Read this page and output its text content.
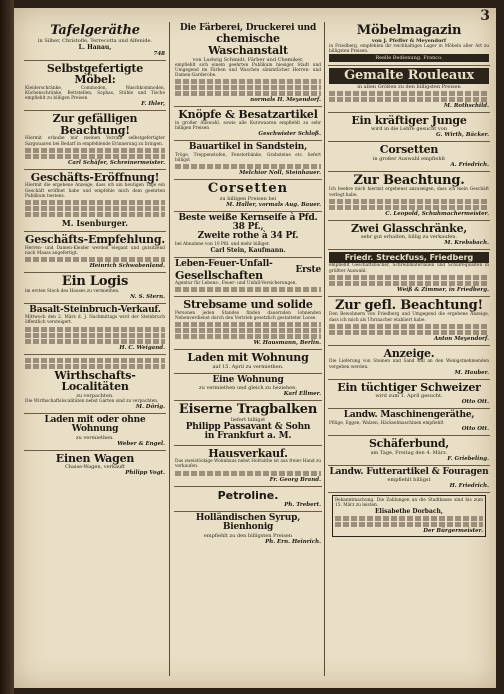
3
Tafelgeräthe
in Silber, Christofle, Terrecotta und Alfenide.
L. Hanau,
748
Selbstgefertigte Möbel:
Kleiderschränke, Commoden, Waschkommoden, Küchenschränke, Bettstellen, Sophas, Stühle und Tische empfiehlt zu billigen Preisen
F. Ihler,
Zur gefälligen Beachtung!
Hiermit erlaube mir meinen Vorrath selbstgefertigter Sargwaaren bei Bedarf in empfehlende Erinnerung zu bringen.
Carl Schäfer, Schreinermeister.
Geschäfts-Eröffnung!
Hiermit die ergebene Anzeige, dass ich am heutigen Tage ein Geschäft eröffnet habe und empfehle mich dem geehrten Publikum bestens.
M. Isenburger.
Geschäfts-Empfehlung.
Herren- und Damen-Kleider werden elegant und gutsitzend nach Maass angefertigt.
Heinrich Schwabenland.
Ein Logis
im ersten Stock des Hauses zu vermiethen.
N. S. Stern.
Basalt-Steinbruch-Verkauf.
Mittwoch den 2. März d. J. Nachmittags wird der Steinbruch öffentlich versteigert.
H. C. Weigand.
Wirthschafts-Localitäten
zu verpachten.
Die Wirthschaftslocalitäten nebst Garten sind zu verpachten.
M. Dörig.
Laden mit oder ohne Wohnung
zu vermiethen.
Weber & Engel.
Einen Wagen
Chaise-Wagen, verkauft
Philipp Vogt.
Die Färberei, Druckerei und
chemische Waschanstalt
von Ludwig Schmidt, Färber und Chemiker,
empfiehlt sich einem geehrten Publikum hiesiger Stadt und Umgegend im Färben und Waschen sämmtlicher Herren- und Damen-Garderobe.
normals H. Meyendorf.
Knöpfe & Besatzartikel
in großer Auswahl, sowie alle Kurzwaaren empfiehlt zu sehr billigen Preisen
Geschwister Schloß.
Bauartikel in Sandstein,
Tröge, Treppenstufen, Fensterbänke, Grabsteine etc. liefert billigst
Melchior Noll, Steinhauer.
Corsetten
zu billigen Preisen bei
M. Haller, vormals Aug. Bauer.
Beste weiße Kernseife à Pfd. 38 Pf.,
Zweite rothe à 34 Pf.
bei Abnahme von 10 Pfd. und mehr billiger.
Carl Stein, Kaufmann.
Leben-Feuer-Unfall-
Gesellschaften	Erste
Agentur für Lebens-, Feuer- und Unfall-Versicherungen.
Strebsame und solide
Personen jeden Standes finden dauernden lohnenden Nebenverdienst durch den Vertrieb gesetzlich gestatteter Loose.
W. Hausmann, Berlin.
Laden mit Wohnung
auf 15. April zu vermiethen.
Eine Wohnung
zu vermiethen und gleich zu beziehen.
Karl Ellmer.
Eiserne Tragbalken
liefert billigst
Philipp Passavant & Sohn
in Frankfurt a. M.
Hausverkauf.
Das zweistöckige Wohnhaus nebst Hofraithe ist aus freier Hand zu verkaufen.
Fr. Georg Brand.
Petroline.
Ph. Trebert.
Holländischen Syrup,
Bienhonig
empfiehlt zu den billigsten Preisen
Ph. Ern. Heinrich.
Möbelmagazin
von J. Pfeffer & Meyendorf
in Friedberg, empfehlen ihr reichhaltiges Lager in Möbeln aller Art zu billigsten Preisen.
Reelle Bedienung. Franco.
Gemalte Rouleaux
in allen Größen zu den billigsten Preisen
M. Rothschild.
Ein kräftiger Junge
wird in die Lehre gesucht von
G. Wirth, Bäcker.
Corsetten
in großer Auswahl empfiehlt
A. Friedrich.
Zur Beachtung.
Ich beehre mich hiermit ergebenst anzuzeigen, dass ich mein Geschäft verlegt habe.
C. Leopold, Schuhmachermeister.
Zwei Glasschränke,
sehr gut erhalten, billig zu verkaufen.
M. Krebsbach.
Friedr. Streckfuss, Friedberg
empfiehlt Geschäftsbücher, Schreibmaterialien und Schulrequisiten in größter Auswahl.
Weiß & Zimmer, in Friedberg.
Zur gefl. Beachtung!
Den Bewohnern von Friedberg und Umgegend die ergebene Anzeige, dass ich mich als Uhrmacher etabliert habe.
Anton Meyendorf.
Anzeige.
Die Lieferung von Steinen und Sand soll an den Wenigstnehmenden vergeben werden.
M. Hauber.
Ein tüchtiger Schweizer
wird zum 1. April gesucht.
Otto Ott.
Landw. Maschinengeräthe,
Pflüge, Eggen, Walzen, Häckselmaschinen empfiehlt
Otto Ott.
Schäferbund,
am Tage, Freitag den 4. März.
F. Griebeling.
Landw. Futterartikel & Fouragen
empfiehlt billigst
H. Friedrich.
Bekanntmachung. Die Zahlungen an die Stadtkasse sind bis zum 15. März zu leisten.
Elisabethe Dorbach,
Der Bürgermeister.
